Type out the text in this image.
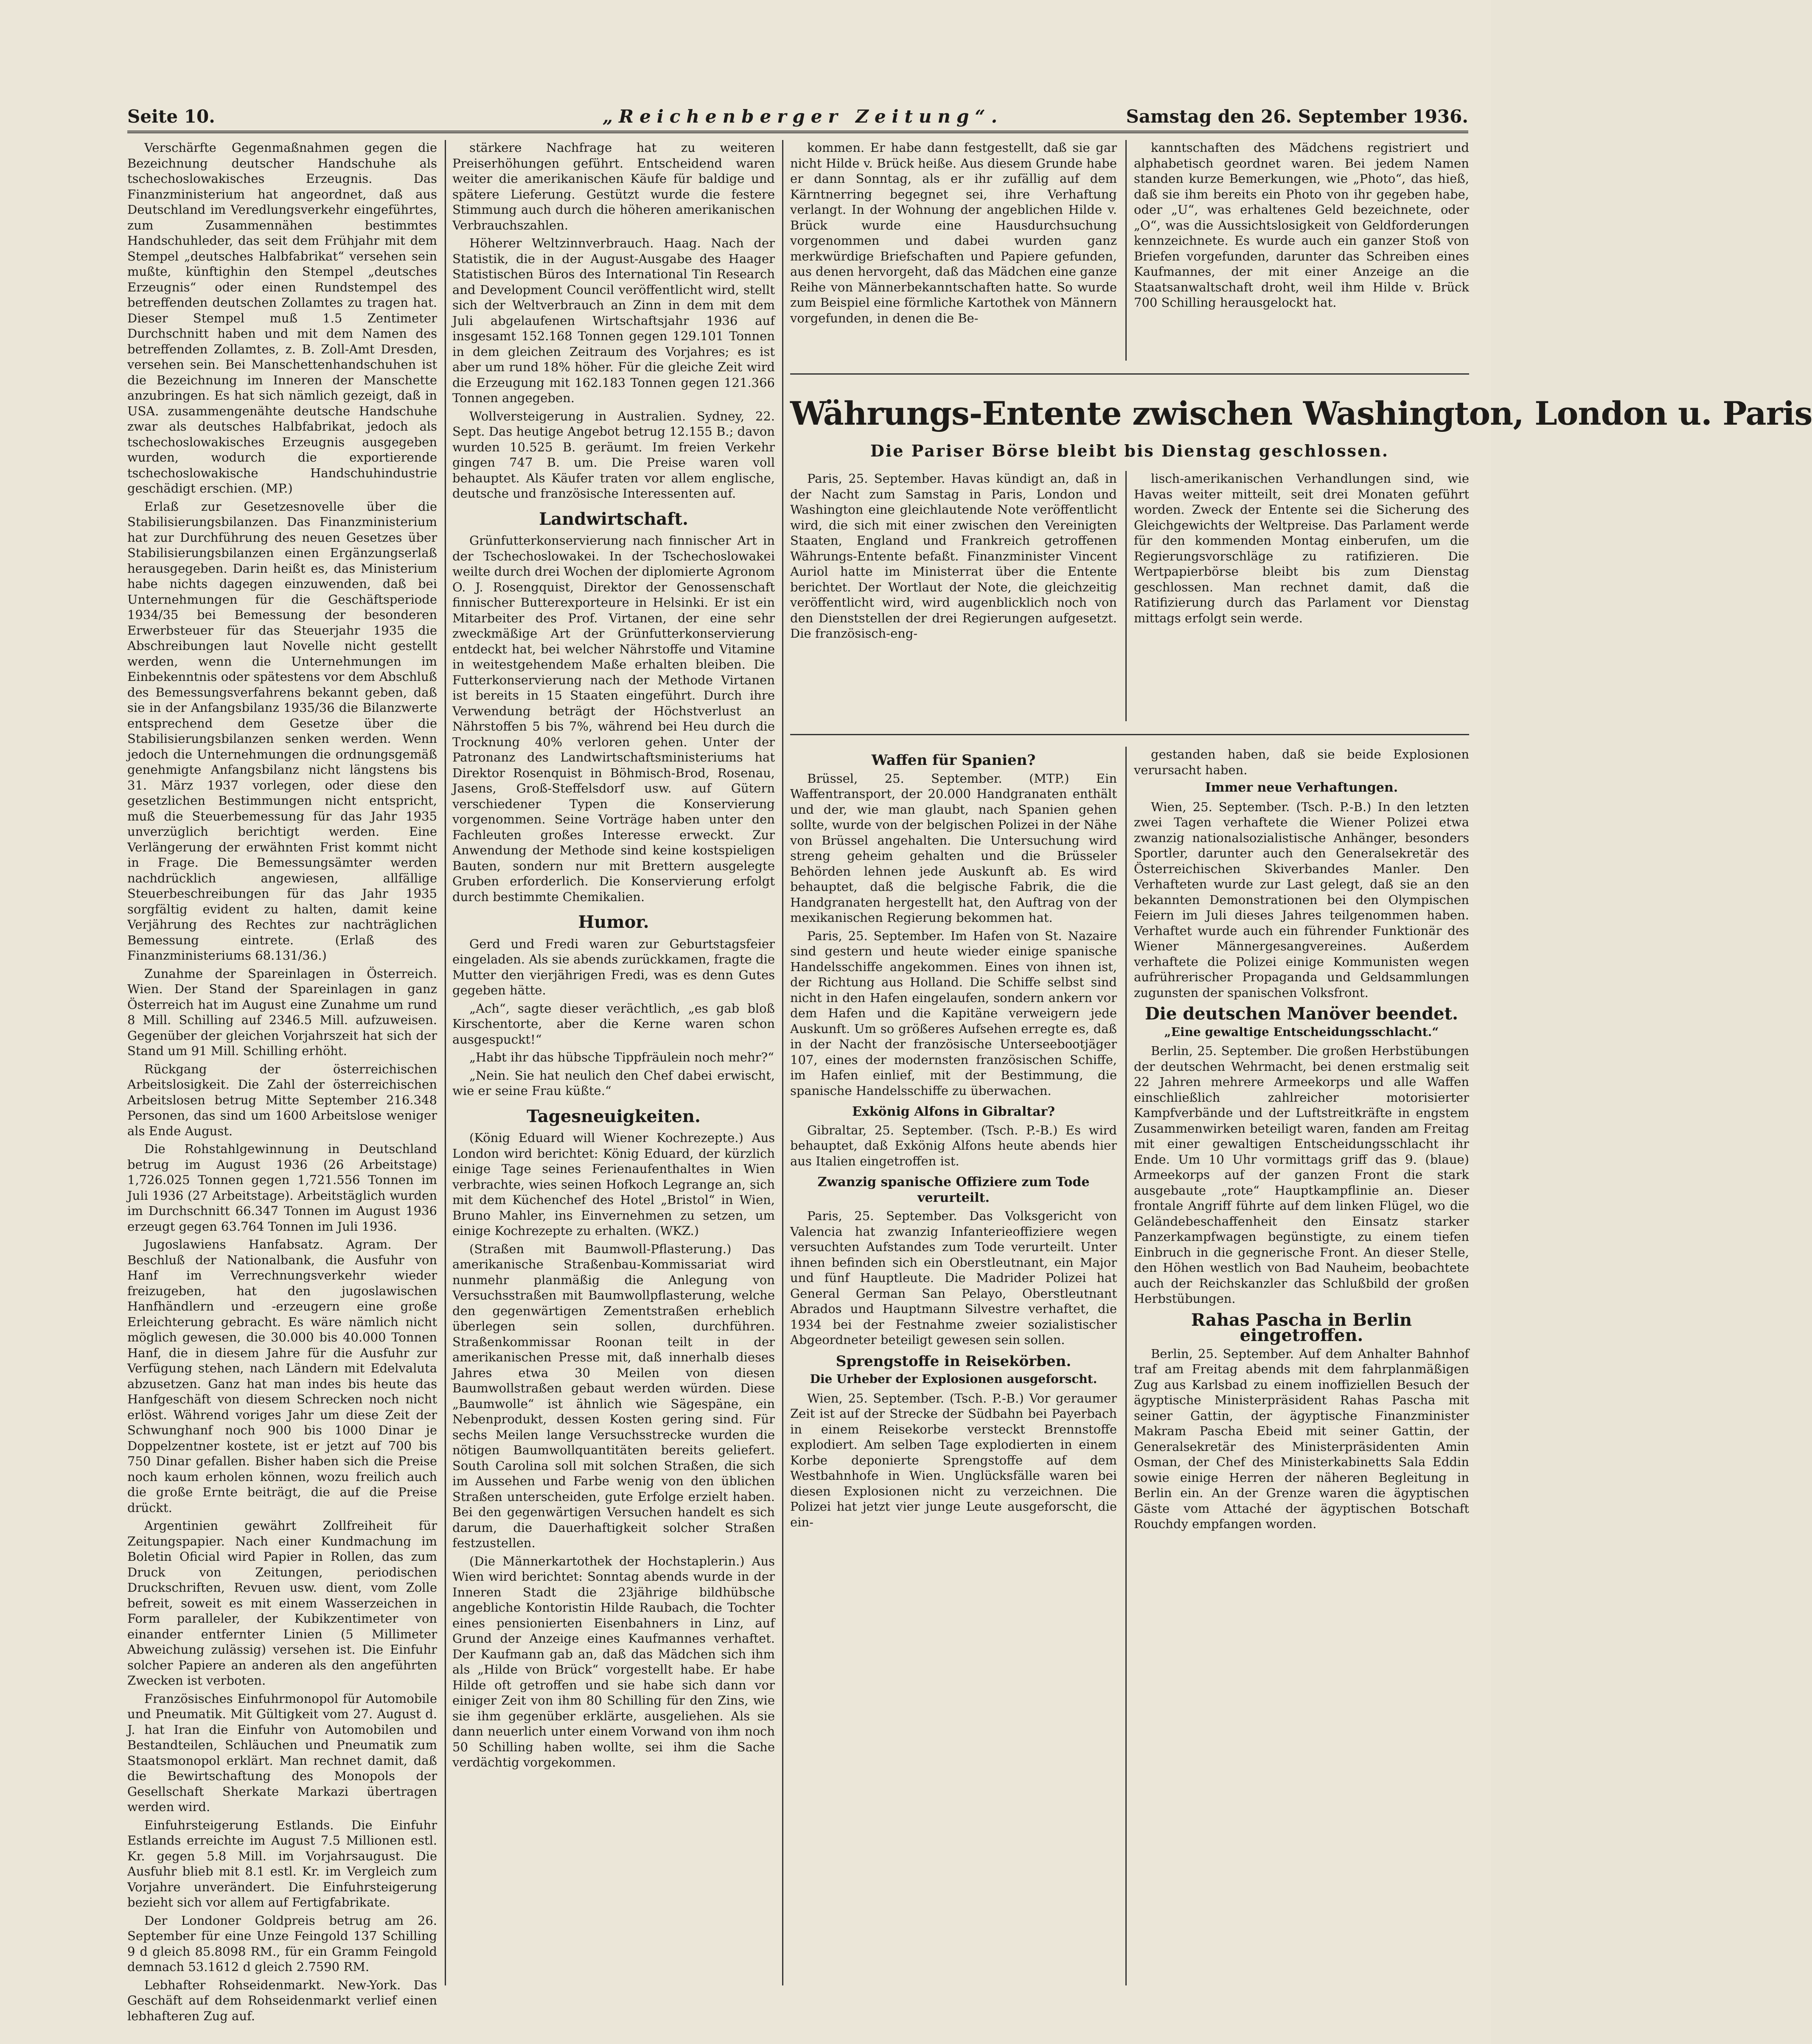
Seite 10.	„Reichenberger Zeitung“.	Samstag den 26. September 1936.

Verschärfte Gegenmaßnahmen gegen die Bezeichnung deutscher Handschuhe als tschechoslowakisches Erzeugnis. Das Finanzministerium hat angeordnet, daß aus Deutschland im Veredlungsverkehr eingeführtes, zum Zusammennähen bestimmtes Handschuhleder, das seit dem Frühjahr mit dem Stempel „deutsches Halbfabrikat“ versehen sein mußte, künftighin den Stempel „deutsches Erzeugnis“ oder einen Rundstempel des betreffenden deutschen Zollamtes zu tragen hat. Dieser Stempel muß 1.5 Zentimeter Durchschnitt haben und mit dem Namen des betreffenden Zollamtes, z. B. Zoll-Amt Dresden, versehen sein. Bei Manschettenhandschuhen ist die Bezeichnung im Inneren der Manschette anzubringen. Es hat sich nämlich gezeigt, daß in USA. zusammengenähte deutsche Handschuhe zwar als deutsches Halbfabrikat, jedoch als tschechoslowakisches Erzeugnis ausgegeben wurden, wodurch die exportierende tschechoslowakische Handschuhindustrie geschädigt erschien. (MP.)

Erlaß zur Gesetzesnovelle über die Stabilisierungsbilanzen. Das Finanzministerium hat zur Durchführung des neuen Gesetzes über Stabilisierungsbilanzen einen Ergänzungserlaß herausgegeben. Darin heißt es, das Ministerium habe nichts dagegen einzuwenden, daß bei Unternehmungen für die Geschäftsperiode 1934/35 bei Bemessung der besonderen Erwerbsteuer für das Steuerjahr 1935 die Abschreibungen laut Novelle nicht gestellt werden, wenn die Unternehmungen im Einbekenntnis oder spätestens vor dem Abschluß des Bemessungsverfahrens bekannt geben, daß sie in der Anfangsbilanz 1935/36 die Bilanzwerte entsprechend dem Gesetze über die Stabilisierungsbilanzen senken werden. Wenn jedoch die Unternehmungen die ordnungsgemäß genehmigte Anfangsbilanz nicht längstens bis 31. März 1937 vorlegen, oder diese den gesetzlichen Bestimmungen nicht entspricht, muß die Steuerbemessung für das Jahr 1935 unverzüglich berichtigt werden. Eine Verlängerung der erwähnten Frist kommt nicht in Frage. Die Bemessungsämter werden nachdrücklich angewiesen, allfällige Steuerbeschreibungen für das Jahr 1935 sorgfältig evident zu halten, damit keine Verjährung des Rechtes zur nachträglichen Bemessung eintrete. (Erlaß des Finanzministeriums 68.131/36.)

Zunahme der Spareinlagen in Österreich. Wien. Der Stand der Spareinlagen in ganz Österreich hat im August eine Zunahme um rund 8 Mill. Schilling auf 2346.5 Mill. aufzuweisen. Gegenüber der gleichen Vorjahrszeit hat sich der Stand um 91 Mill. Schilling erhöht.

Rückgang der österreichischen Arbeitslosigkeit. Die Zahl der österreichischen Arbeitslosen betrug Mitte September 216.348 Personen, das sind um 1600 Arbeitslose weniger als Ende August.

Die Rohstahlgewinnung in Deutschland betrug im August 1936 (26 Arbeitstage) 1,726.025 Tonnen gegen 1,721.556 Tonnen im Juli 1936 (27 Arbeitstage). Arbeitstäglich wurden im Durchschnitt 66.347 Tonnen im August 1936 erzeugt gegen 63.764 Tonnen im Juli 1936.

Jugoslawiens Hanfabsatz. Agram. Der Beschluß der Nationalbank, die Ausfuhr von Hanf im Verrechnungsverkehr wieder freizugeben, hat den jugoslawischen Hanfhändlern und -erzeugern eine große Erleichterung gebracht. Es wäre nämlich nicht möglich gewesen, die 30.000 bis 40.000 Tonnen Hanf, die in diesem Jahre für die Ausfuhr zur Verfügung stehen, nach Ländern mit Edelvaluta abzusetzen. Ganz hat man indes bis heute das Hanfgeschäft von diesem Schrecken noch nicht erlöst. Während voriges Jahr um diese Zeit der Schwunghanf noch 900 bis 1000 Dinar je Doppelzentner kostete, ist er jetzt auf 700 bis 750 Dinar gefallen. Bisher haben sich die Preise noch kaum erholen können, wozu freilich auch die große Ernte beiträgt, die auf die Preise drückt.

Argentinien gewährt Zollfreiheit für Zeitungspapier. Nach einer Kundmachung im Boletin Oficial wird Papier in Rollen, das zum Druck von Zeitungen, periodischen Druckschriften, Revuen usw. dient, vom Zolle befreit, soweit es mit einem Wasserzeichen in Form paralleler, der Kubikzentimeter von einander entfernter Linien (5 Millimeter Abweichung zulässig) versehen ist. Die Einfuhr solcher Papiere an anderen als den angeführten Zwecken ist verboten.

Französisches Einfuhrmonopol für Automobile und Pneumatik. Mit Gültigkeit vom 27. August d. J. hat Iran die Einfuhr von Automobilen und Bestandteilen, Schläuchen und Pneumatik zum Staatsmonopol erklärt. Man rechnet damit, daß die Bewirtschaftung des Monopols der Gesellschaft Sherkate Markazi übertragen werden wird.

Einfuhrsteigerung Estlands. Die Einfuhr Estlands erreichte im August 7.5 Millionen estl. Kr. gegen 5.8 Mill. im Vorjahrsaugust. Die Ausfuhr blieb mit 8.1 estl. Kr. im Vergleich zum Vorjahre unverändert. Die Einfuhrsteigerung bezieht sich vor allem auf Fertigfabrikate.

Der Londoner Goldpreis betrug am 26. September für eine Unze Feingold 137 Schilling 9 d gleich 85.8098 RM., für ein Gramm Feingold demnach 53.1612 d gleich 2.7590 RM.

Lebhafter Rohseidenmarkt. New-York. Das Geschäft auf dem Rohseidenmarkt verlief einen lebhafteren Zug auf.

stärkere Nachfrage hat zu weiteren Preiserhöhungen geführt. Entscheidend waren weiter die amerikanischen Käufe für baldige und spätere Lieferung. Gestützt wurde die festere Stimmung auch durch die höheren amerikanischen Verbrauchszahlen.

Höherer Weltzinnverbrauch. Haag. Nach der Statistik, die in der August-Ausgabe des Haager Statistischen Büros des International Tin Research and Development Council veröffentlicht wird, stellt sich der Weltverbrauch an Zinn in dem mit dem Juli abgelaufenen Wirtschaftsjahr 1936 auf insgesamt 152.168 Tonnen gegen 129.101 Tonnen in dem gleichen Zeitraum des Vorjahres; es ist aber um rund 18% höher. Für die gleiche Zeit wird die Erzeugung mit 162.183 Tonnen gegen 121.366 Tonnen angegeben.

Wollversteigerung in Australien. Sydney, 22. Sept. Das heutige Angebot betrug 12.155 B.; davon wurden 10.525 B. geräumt. Im freien Verkehr gingen 747 B. um. Die Preise waren voll behauptet. Als Käufer traten vor allem englische, deutsche und französische Interessenten auf.

Landwirtschaft.

Grünfutterkonservierung nach finnischer Art in der Tschechoslowakei. In der Tschechoslowakei weilte durch drei Wochen der diplomierte Agronom O. J. Rosengquist, Direktor der Genossenschaft finnischer Butterexporteure in Helsinki. Er ist ein Mitarbeiter des Prof. Virtanen, der eine sehr zweckmäßige Art der Grünfutterkonservierung entdeckt hat, bei welcher Nährstoffe und Vitamine in weitestgehendem Maße erhalten bleiben. Die Futterkonservierung nach der Methode Virtanen ist bereits in 15 Staaten eingeführt. Durch ihre Verwendung beträgt der Höchstverlust an Nährstoffen 5 bis 7%, während bei Heu durch die Trocknung 40% verloren gehen. Unter der Patronanz des Landwirtschaftsministeriums hat Direktor Rosenquist in Böhmisch-Brod, Rosenau, Jasens, Groß-Steffelsdorf usw. auf Gütern verschiedener Typen die Konservierung vorgenommen. Seine Vorträge haben unter den Fachleuten großes Interesse erweckt. Zur Anwendung der Methode sind keine kostspieligen Bauten, sondern nur mit Brettern ausgelegte Gruben erforderlich. Die Konservierung erfolgt durch bestimmte Chemikalien.

Humor.

Gerd und Fredi waren zur Geburtstagsfeier eingeladen. Als sie abends zurückkamen, fragte die Mutter den vierjährigen Fredi, was es denn Gutes gegeben hätte.

„Ach“, sagte dieser verächtlich, „es gab bloß Kirschentorte, aber die Kerne waren schon ausgespuckt!“

„Habt ihr das hübsche Tippfräulein noch mehr?“

„Nein. Sie hat neulich den Chef dabei erwischt, wie er seine Frau küßte.“

Tagesneuigkeiten.

(König Eduard will Wiener Kochrezepte.) Aus London wird berichtet: König Eduard, der kürzlich einige Tage seines Ferienaufenthaltes in Wien verbrachte, wies seinen Hofkoch Legrange an, sich mit dem Küchenchef des Hotel „Bristol“ in Wien, Bruno Mahler, ins Einvernehmen zu setzen, um einige Kochrezepte zu erhalten. (WKZ.)

(Straßen mit Baumwoll-Pflasterung.) Das amerikanische Straßenbau-Kommissariat wird nunmehr planmäßig die Anlegung von Versuchsstraßen mit Baumwollpflasterung, welche den gegenwärtigen Zementstraßen erheblich überlegen sein sollen, durchführen. Straßenkommissar Roonan teilt in der amerikanischen Presse mit, daß innerhalb dieses Jahres etwa 30 Meilen von diesen Baumwollstraßen gebaut werden würden. Diese „Baumwolle“ ist ähnlich wie Sägespäne, ein Nebenprodukt, dessen Kosten gering sind. Für sechs Meilen lange Versuchsstrecke wurden die nötigen Baumwollquantitäten bereits geliefert. South Carolina soll mit solchen Straßen, die sich im Aussehen und Farbe wenig von den üblichen Straßen unterscheiden, gute Erfolge erzielt haben. Bei den gegenwärtigen Versuchen handelt es sich darum, die Dauerhaftigkeit solcher Straßen festzustellen.

(Die Männerkartothek der Hochstaplerin.) Aus Wien wird berichtet: Sonntag abends wurde in der Inneren Stadt die 23jährige bildhübsche angebliche Kontoristin Hilde Raubach, die Tochter eines pensionierten Eisenbahners in Linz, auf Grund der Anzeige eines Kaufmannes verhaftet. Der Kaufmann gab an, daß das Mädchen sich ihm als „Hilde von Brück“ vorgestellt habe. Er habe Hilde oft getroffen und sie habe sich dann vor einiger Zeit von ihm 80 Schilling für den Zins, wie sie ihm gegenüber erklärte, ausgeliehen. Als sie dann neuerlich unter einem Vorwand von ihm noch 50 Schilling haben wollte, sei ihm die Sache verdächtig vorgekommen.

kommen. Er habe dann festgestellt, daß sie gar nicht Hilde v. Brück heiße. Aus diesem Grunde habe er dann Sonntag, als er ihr zufällig auf dem Kärntnerring begegnet sei, ihre Verhaftung verlangt. In der Wohnung der angeblichen Hilde v. Brück wurde eine Hausdurchsuchung vorgenommen und dabei wurden ganz merkwürdige Briefschaften und Papiere gefunden, aus denen hervorgeht, daß das Mädchen eine ganze Reihe von Männerbekanntschaften hatte. So wurde zum Beispiel eine förmliche Kartothek von Männern vorgefunden, in denen die Be-

kanntschaften des Mädchens registriert und alphabetisch geordnet waren. Bei jedem Namen standen kurze Bemerkungen, wie „Photo“, das hieß, daß sie ihm bereits ein Photo von ihr gegeben habe, oder „U“, was erhaltenes Geld bezeichnete, oder „O“, was die Aussichtslosigkeit von Geldforderungen kennzeichnete. Es wurde auch ein ganzer Stoß von Briefen vorgefunden, darunter das Schreiben eines Kaufmannes, der mit einer Anzeige an die Staatsanwaltschaft droht, weil ihm Hilde v. Brück 700 Schilling herausgelockt hat.

Währungs-Entente zwischen Washington, London u. Paris
Die Pariser Börse bleibt bis Dienstag geschlossen.

Paris, 25. September. Havas kündigt an, daß in der Nacht zum Samstag in Paris, London und Washington eine gleichlautende Note veröffentlicht wird, die sich mit einer zwischen den Vereinigten Staaten, England und Frankreich getroffenen Währungs-Entente befaßt. Finanzminister Vincent Auriol hatte im Ministerrat über die Entente berichtet. Der Wortlaut der Note, die gleichzeitig veröffentlicht wird, wird augenblicklich noch von den Dienststellen der drei Regierungen aufgesetzt. Die französisch-eng-

lisch-amerikanischen Verhandlungen sind, wie Havas weiter mitteilt, seit drei Monaten geführt worden. Zweck der Entente sei die Sicherung des Gleichgewichts der Weltpreise. Das Parlament werde für den kommenden Montag einberufen, um die Regierungsvorschläge zu ratifizieren. Die Wertpapierbörse bleibt bis zum Dienstag geschlossen. Man rechnet damit, daß die Ratifizierung durch das Parlament vor Dienstag mittags erfolgt sein werde.

Waffen für Spanien?

Brüssel, 25. September. (MTP.) Ein Waffentransport, der 20.000 Handgranaten enthält und der, wie man glaubt, nach Spanien gehen sollte, wurde von der belgischen Polizei in der Nähe von Brüssel angehalten. Die Untersuchung wird streng geheim gehalten und die Brüsseler Behörden lehnen jede Auskunft ab. Es wird behauptet, daß die belgische Fabrik, die die Handgranaten hergestellt hat, den Auftrag von der mexikanischen Regierung bekommen hat.

Paris, 25. September. Im Hafen von St. Nazaire sind gestern und heute wieder einige spanische Handelsschiffe angekommen. Eines von ihnen ist, der Richtung aus Holland. Die Schiffe selbst sind nicht in den Hafen eingelaufen, sondern ankern vor dem Hafen und die Kapitäne verweigern jede Auskunft. Um so größeres Aufsehen erregte es, daß in der Nacht der französische Unterseebootjäger 107, eines der modernsten französischen Schiffe, im Hafen einlief, mit der Bestimmung, die spanische Handelsschiffe zu überwachen.

Exkönig Alfons in Gibraltar?

Gibraltar, 25. September. (Tsch. P.-B.) Es wird behauptet, daß Exkönig Alfons heute abends hier aus Italien eingetroffen ist.

Zwanzig spanische Offiziere zum Tode verurteilt.

Paris, 25. September. Das Volksgericht von Valencia hat zwanzig Infanterieoffiziere wegen versuchten Aufstandes zum Tode verurteilt. Unter ihnen befinden sich ein Oberstleutnant, ein Major und fünf Hauptleute. Die Madrider Polizei hat General German San Pelayo, Oberstleutnant Abrados und Hauptmann Silvestre verhaftet, die 1934 bei der Festnahme zweier sozialistischer Abgeordneter beteiligt gewesen sein sollen.

Sprengstoffe in Reisekörben.
Die Urheber der Explosionen ausgeforscht.

Wien, 25. September. (Tsch. P.-B.) Vor geraumer Zeit ist auf der Strecke der Südbahn bei Payerbach in einem Reisekorbe versteckt Brennstoffe explodiert. Am selben Tage explodierten in einem Korbe deponierte Sprengstoffe auf dem Westbahnhofe in Wien. Unglücksfälle waren bei diesen Explosionen nicht zu verzeichnen. Die Polizei hat jetzt vier junge Leute ausgeforscht, die ein-

gestanden haben, daß sie beide Explosionen verursacht haben.

Immer neue Verhaftungen.

Wien, 25. September. (Tsch. P.-B.) In den letzten zwei Tagen verhaftete die Wiener Polizei etwa zwanzig nationalsozialistische Anhänger, besonders Sportler, darunter auch den Generalsekretär des Österreichischen Skiverbandes Manler. Den Verhafteten wurde zur Last gelegt, daß sie an den bekannten Demonstrationen bei den Olympischen Feiern im Juli dieses Jahres teilgenommen haben. Verhaftet wurde auch ein führender Funktionär des Wiener Männergesangvereines. Außerdem verhaftete die Polizei einige Kommunisten wegen aufrührerischer Propaganda und Geldsammlungen zugunsten der spanischen Volksfront.

Die deutschen Manöver beendet.
„Eine gewaltige Entscheidungsschlacht.“

Berlin, 25. September. Die großen Herbstübungen der deutschen Wehrmacht, bei denen erstmalig seit 22 Jahren mehrere Armeekorps und alle Waffen einschließlich zahlreicher motorisierter Kampfverbände und der Luftstreitkräfte in engstem Zusammenwirken beteiligt waren, fanden am Freitag mit einer gewaltigen Entscheidungsschlacht ihr Ende. Um 10 Uhr vormittags griff das 9. (blaue) Armeekorps auf der ganzen Front die stark ausgebaute „rote“ Hauptkampflinie an. Dieser frontale Angriff führte auf dem linken Flügel, wo die Geländebeschaffenheit den Einsatz starker Panzerkampfwagen begünstigte, zu einem tiefen Einbruch in die gegnerische Front. An dieser Stelle, den Höhen westlich von Bad Nauheim, beobachtete auch der Reichskanzler das Schlußbild der großen Herbstübungen.

Rahas Pascha in Berlin eingetroffen.

Berlin, 25. September. Auf dem Anhalter Bahnhof traf am Freitag abends mit dem fahrplanmäßigen Zug aus Karlsbad zu einem inoffiziellen Besuch der ägyptische Ministerpräsident Rahas Pascha mit seiner Gattin, der ägyptische Finanzminister Makram Pascha Ebeid mit seiner Gattin, der Generalsekretär des Ministerpräsidenten Amin Osman, der Chef des Ministerkabinetts Sala Eddin sowie einige Herren der näheren Begleitung in Berlin ein. An der Grenze waren die ägyptischen Gäste vom Attaché der ägyptischen Botschaft Rouchdy empfangen worden.
